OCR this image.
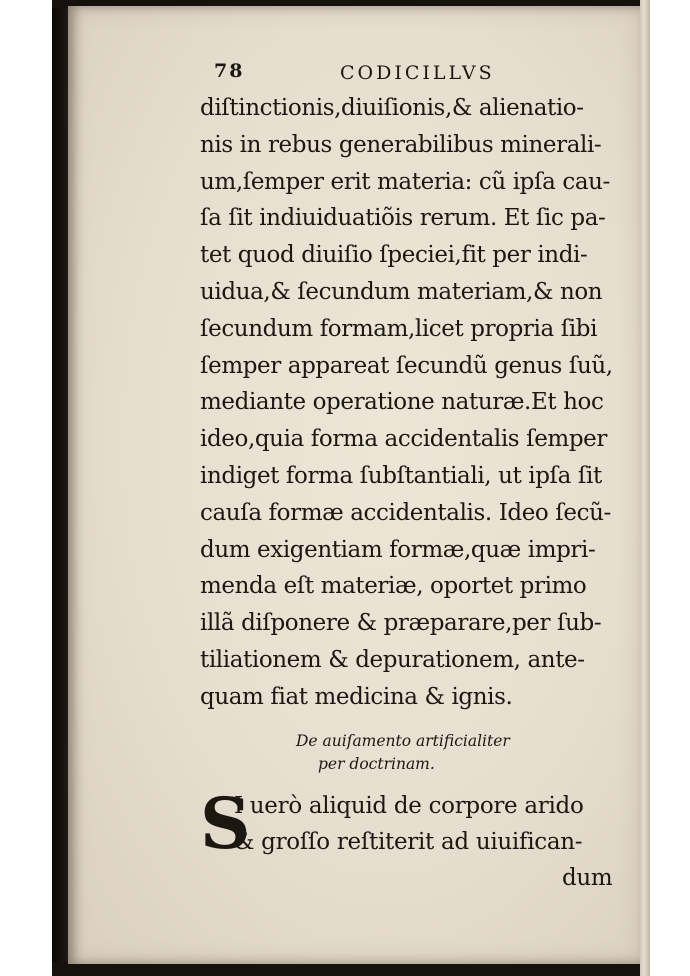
78	CODICILLVS
diſtinctionis,diuiſionis,& alienatio-
nis in rebus generabilibus minerali-
um,ſemper erit materia: cũ ipſa cau-
ſa ſit indiuiduatiõis rerum. Et ſic pa-
tet quod diuiſio ſpeciei,fit per indi-
uidua,& ſecundum materiam,& non
ſecundum formam,licet propria ſibi
ſemper appareat ſecundũ genus ſuũ,
mediante operatione naturæ.Et hoc
ideo,quia forma accidentalis ſemper
indiget forma ſubſtantiali, ut ipſa ſit
cauſa formæ accidentalis. Ideo ſecũ-
dum exigentiam formæ,quæ impri-
menda eſt materiæ, oportet primo
illã diſponere & præparare,per ſub-
tiliationem & depurationem, ante-
quam fiat medicina & ignis.
De auiſamento artificialiter
per doctrinam.
S
I uerò aliquid de corpore arido
& groſſo reſtiterit ad uiuifican-
dum
